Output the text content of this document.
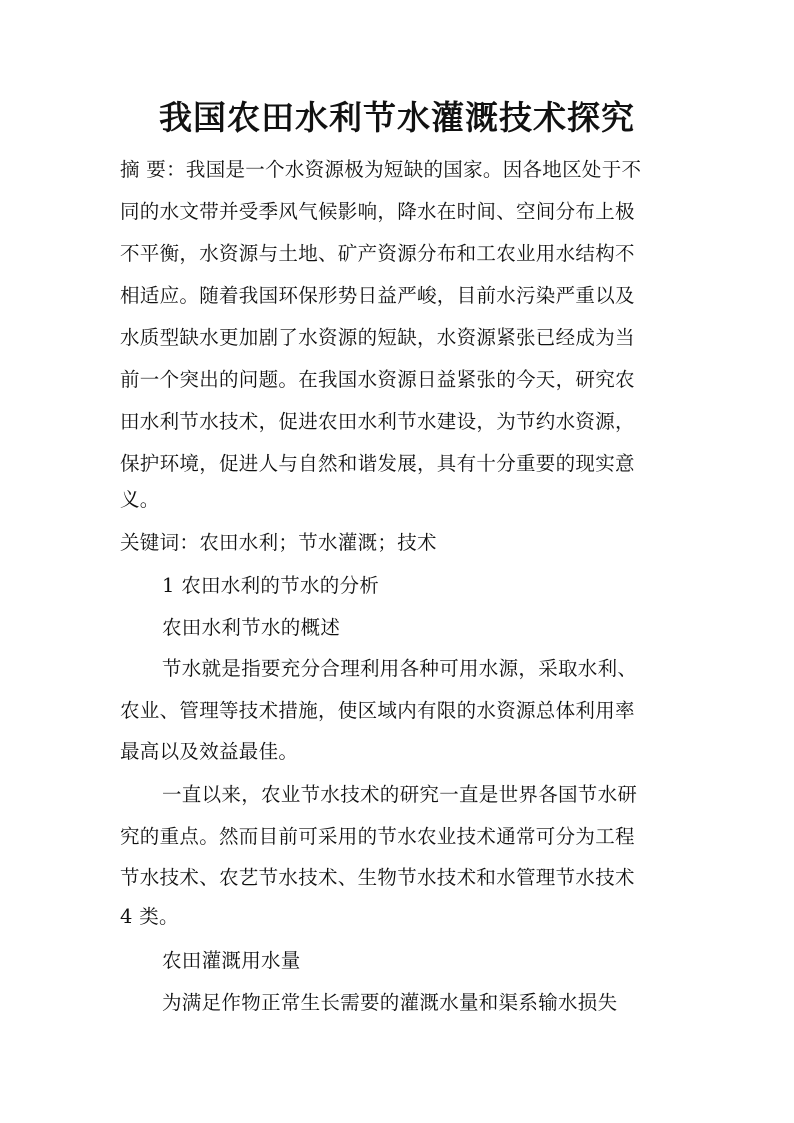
我国农田水利节水灌溉技术探究
摘 要：我国是一个水资源极为短缺的国家。因各地区处于不
同的水文带并受季风气候影响，降水在时间、空间分布上极
不平衡，水资源与土地、矿产资源分布和工农业用水结构不
相适应。随着我国环保形势日益严峻，目前水污染严重以及
水质型缺水更加剧了水资源的短缺，水资源紧张已经成为当
前一个突出的问题。在我国水资源日益紧张的今天，研究农
田水利节水技术，促进农田水利节水建设，为节约水资源，
保护环境，促进人与自然和谐发展，具有十分重要的现实意
义。
关键词：农田水利；节水灌溉；技术
1 农田水利的节水的分析
农田水利节水的概述
节水就是指要充分合理利用各种可用水源，采取水利、
农业、管理等技术措施，使区域内有限的水资源总体利用率
最高以及效益最佳。
一直以来，农业节水技术的研究一直是世界各国节水研
究的重点。然而目前可采用的节水农业技术通常可分为工程
节水技术、农艺节水技术、生物节水技术和水管理节水技术
4 类。
农田灌溉用水量
为满足作物正常生长需要的灌溉水量和渠系输水损失
